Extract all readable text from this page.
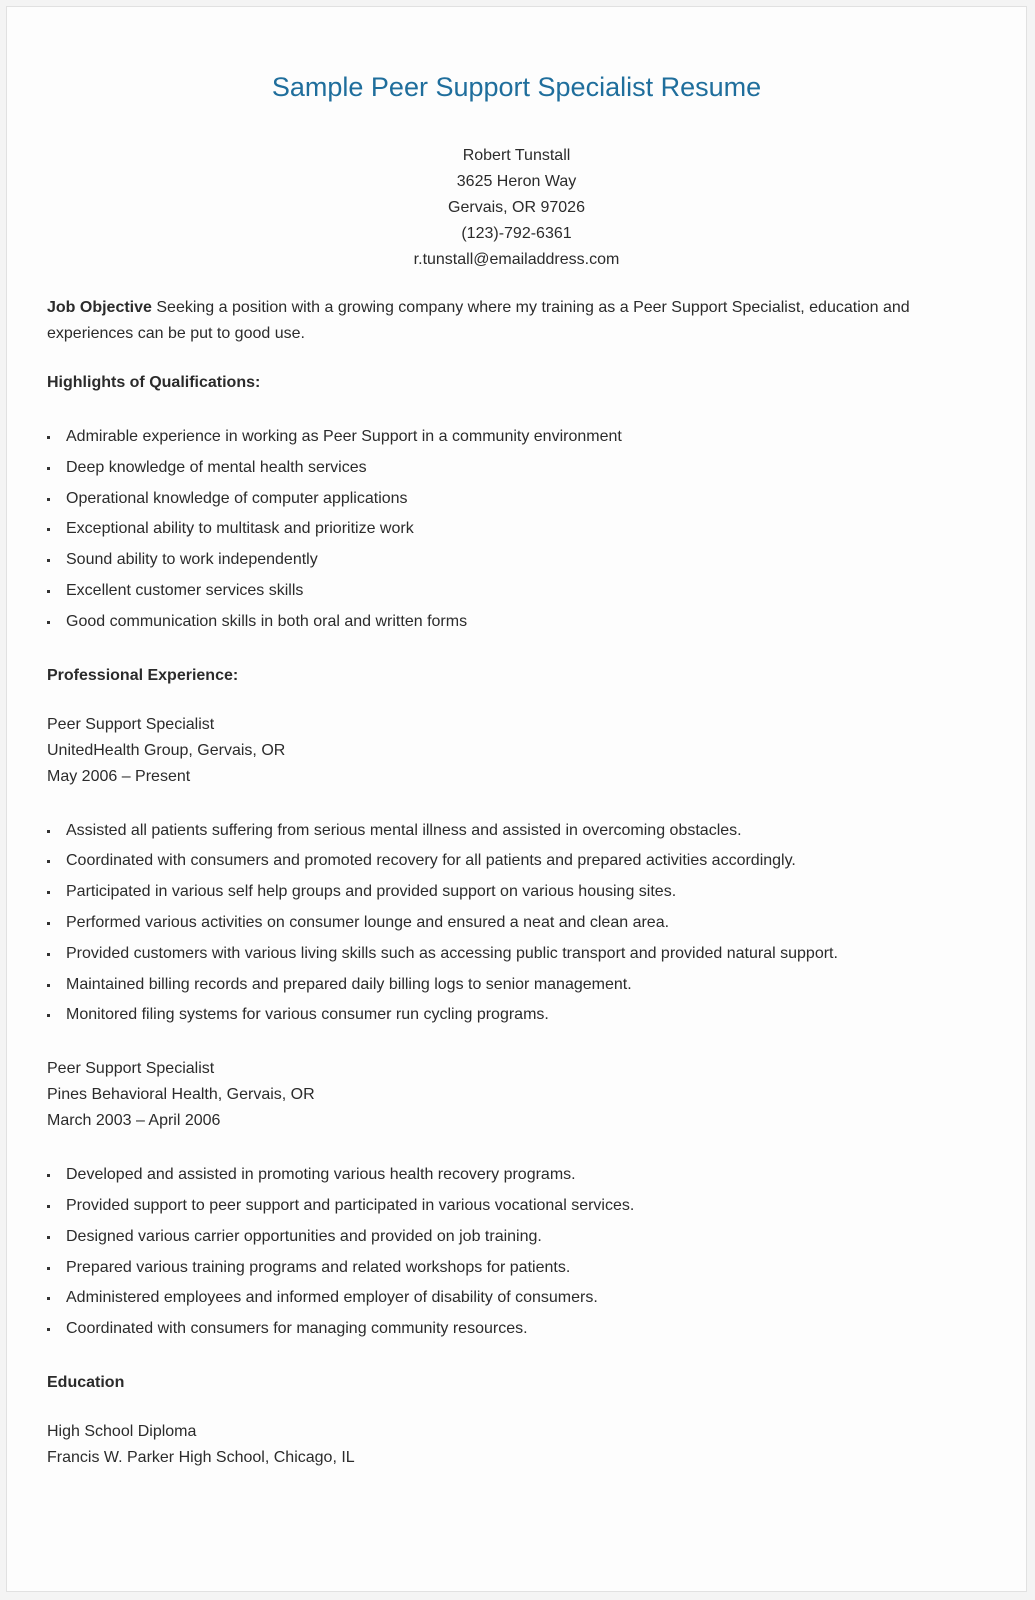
Sample Peer Support Specialist Resume
Robert Tunstall
3625 Heron Way
Gervais, OR 97026
(123)-792-6361
r.tunstall@emailaddress.com

Job Objective Seeking a position with a growing company where my training as a Peer Support Specialist, education and experiences can be put to good use.

Highlights of Qualifications:
Admirable experience in working as Peer Support in a community environment
Deep knowledge of mental health services
Operational knowledge of computer applications
Exceptional ability to multitask and prioritize work
Sound ability to work independently
Excellent customer services skills
Good communication skills in both oral and written forms
Professional Experience:
Peer Support Specialist
UnitedHealth Group, Gervais, OR
May 2006 – Present
Assisted all patients suffering from serious mental illness and assisted in overcoming obstacles.
Coordinated with consumers and promoted recovery for all patients and prepared activities accordingly.
Participated in various self help groups and provided support on various housing sites.
Performed various activities on consumer lounge and ensured a neat and clean area.
Provided customers with various living skills such as accessing public transport and provided natural support.
Maintained billing records and prepared daily billing logs to senior management.
Monitored filing systems for various consumer run cycling programs.
Peer Support Specialist
Pines Behavioral Health, Gervais, OR
March 2003 – April 2006
Developed and assisted in promoting various health recovery programs.
Provided support to peer support and participated in various vocational services.
Designed various carrier opportunities and provided on job training.
Prepared various training programs and related workshops for patients.
Administered employees and informed employer of disability of consumers.
Coordinated with consumers for managing community resources.
Education
High School Diploma
Francis W. Parker High School, Chicago, IL
